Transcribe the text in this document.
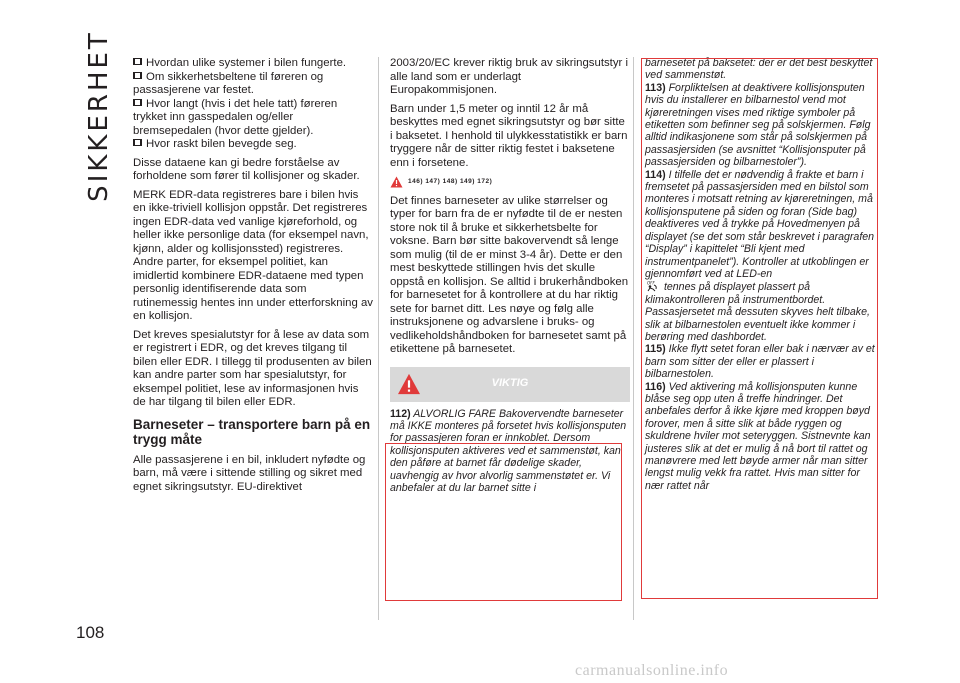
SIKKERHET
108
Hvordan ulike systemer i bilen fungerte.
Om sikkerhetsbeltene til føreren og passasjerene var festet.
Hvor langt (hvis i det hele tatt) føreren trykket inn gasspedalen og/eller bremsepedalen (hvor dette gjelder).
Hvor raskt bilen bevegde seg.

Disse dataene kan gi bedre forståelse av forholdene som fører til kollisjoner og skader.

MERK EDR-data registreres bare i bilen hvis en ikke-triviell kollisjon oppstår. Det registreres ingen EDR-data ved vanlige kjøreforhold, og heller ikke personlige data (for eksempel navn, kjønn, alder og kollisjonssted) registreres. Andre parter, for eksempel politiet, kan imidlertid kombinere EDR-dataene med typen personlig identifiserende data som rutinemessig hentes inn under etterforskning av en kollisjon.

Det kreves spesialutstyr for å lese av data som er registrert i EDR, og det kreves tilgang til bilen eller EDR. I tillegg til produsenten av bilen kan andre parter som har spesialutstyr, for eksempel politiet, lese av informasjonen hvis de har tilgang til bilen eller EDR.

Barneseter – transportere barn på en trygg måte

Alle passasjerene i en bil, inkludert nyfødte og barn, må være i sittende stilling og sikret med egnet sikringsutstyr. EU-direktivet

2003/20/EC krever riktig bruk av sikringsutstyr i alle land som er underlagt Europakommisjonen.

Barn under 1,5 meter og inntil 12 år må beskyttes med egnet sikringsutstyr og bør sitte i baksetet. I henhold til ulykkesstatistikk er barn tryggere når de sitter riktig festet i baksetene enn i forsetene.

146) 147) 148) 149) 172)

Det finnes barneseter av ulike størrelser og typer for barn fra de er nyfødte til de er nesten store nok til å bruke et sikkerhetsbelte for voksne. Barn bør sitte bakovervendt så lenge som mulig (til de er minst 3-4 år). Dette er den mest beskyttede stillingen hvis det skulle oppstå en kollisjon. Se alltid i brukerhåndboken for barnesetet for å kontrollere at du har riktig sete for barnet ditt. Les nøye og følg alle instruksjonene og advarslene i bruks- og vedlikeholdshåndboken for barnesetet samt på etikettene på barnesetet.

VIKTIG
112) ALVORLIG FARE Bakovervendte barneseter må IKKE monteres på forsetet hvis kollisjonsputen for passasjeren foran er innkoblet. Dersom kollisjonsputen aktiveres ved et sammenstøt, kan den påføre at barnet får dødelige skader, uavhengig av hvor alvorlig sammenstøtet er. Vi anbefaler at du lar barnet sitte i
barnesetet på baksetet: der er det best beskyttet ved sammenstøt.
113) Forpliktelsen at deaktivere kollisjonsputen hvis du installerer en bilbarnestol vend mot kjøreretningen vises med riktige symboler på etiketten som befinner seg på solskjermen. Følg alltid indikasjonene som står på solskjermen på passasjersiden (se avsnittet “Kollisjonsputer på passasjersiden og bilbarnestoler”).
114) I tilfelle det er nødvendig å frakte et barn i fremsetet på passasjersiden med en bilstol som monteres i motsatt retning av kjøreretningen, må kollisjonsputene på siden og foran (Side bag) deaktiveres ved å trykke på Hovedmenyen på displayet (se det som står beskrevet i paragrafen “Display” i kapittelet “Bli kjent med instrumentpanelet”). Kontroller at utkoblingen er gjennomført ved at LED-en

OFF tennes på displayet plassert på klimakontrolleren på instrumentbordet. Passasjersetet må dessuten skyves helt tilbake, slik at bilbarnestolen eventuelt ikke kommer i berøring med dashbordet.
115) Ikke flytt setet foran eller bak i nærvær av et barn som sitter der eller er plassert i bilbarnestolen.
116) Ved aktivering må kollisjonsputen kunne blåse seg opp uten å treffe hindringer. Det anbefales derfor å ikke kjøre med kroppen bøyd forover, men å sitte slik at både ryggen og skuldrene hviler mot seteryggen. Sistnevnte kan justeres slik at det er mulig å nå bort til rattet og manøvrere med lett bøyde armer når man sitter lengst mulig vekk fra rattet. Hvis man sitter for nær rattet når
carmanualsonline.info
